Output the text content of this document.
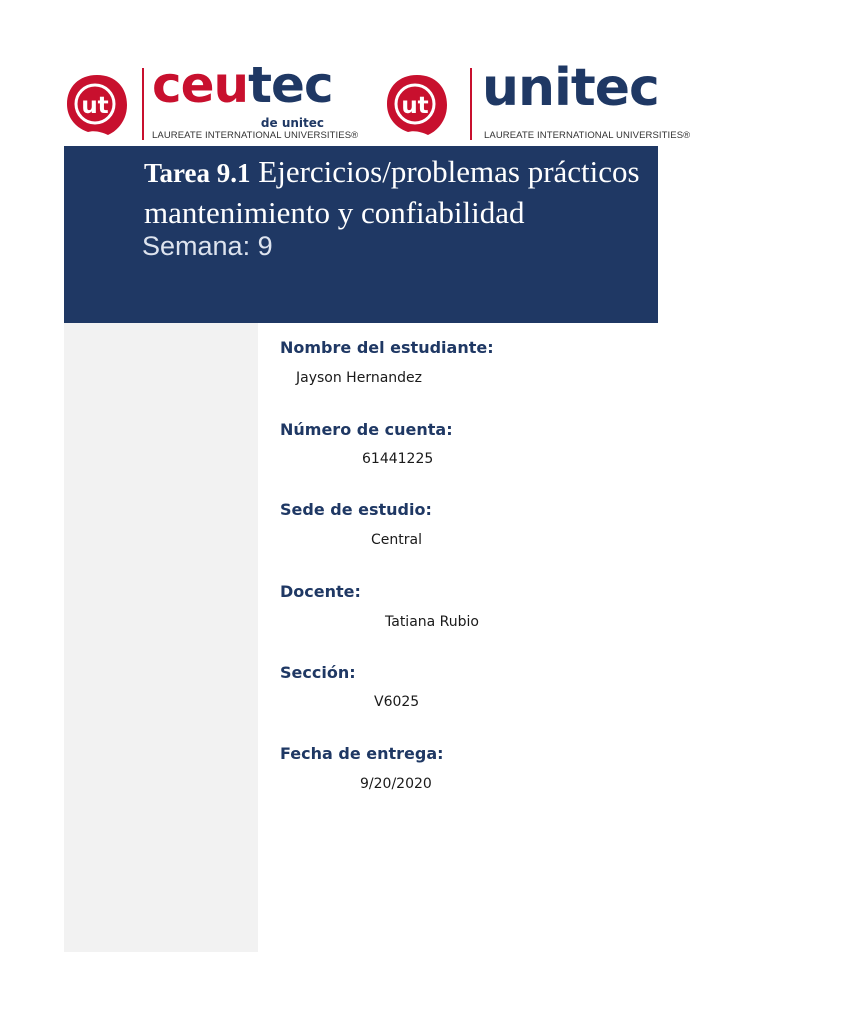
ut ceutec
de unitec
LAUREATE INTERNATIONAL UNIVERSITIES®
ut unitec
LAUREATE INTERNATIONAL UNIVERSITIES®
Tarea 9.1 Ejercicios/problemas prácticos
mantenimiento y confiabilidad
Semana: 9
Nombre del estudiante:
Jayson Hernandez
Número de cuenta:
61441225
Sede de estudio:
Central
Docente:
Tatiana Rubio
Sección:
V6025
Fecha de entrega:
9/20/2020
